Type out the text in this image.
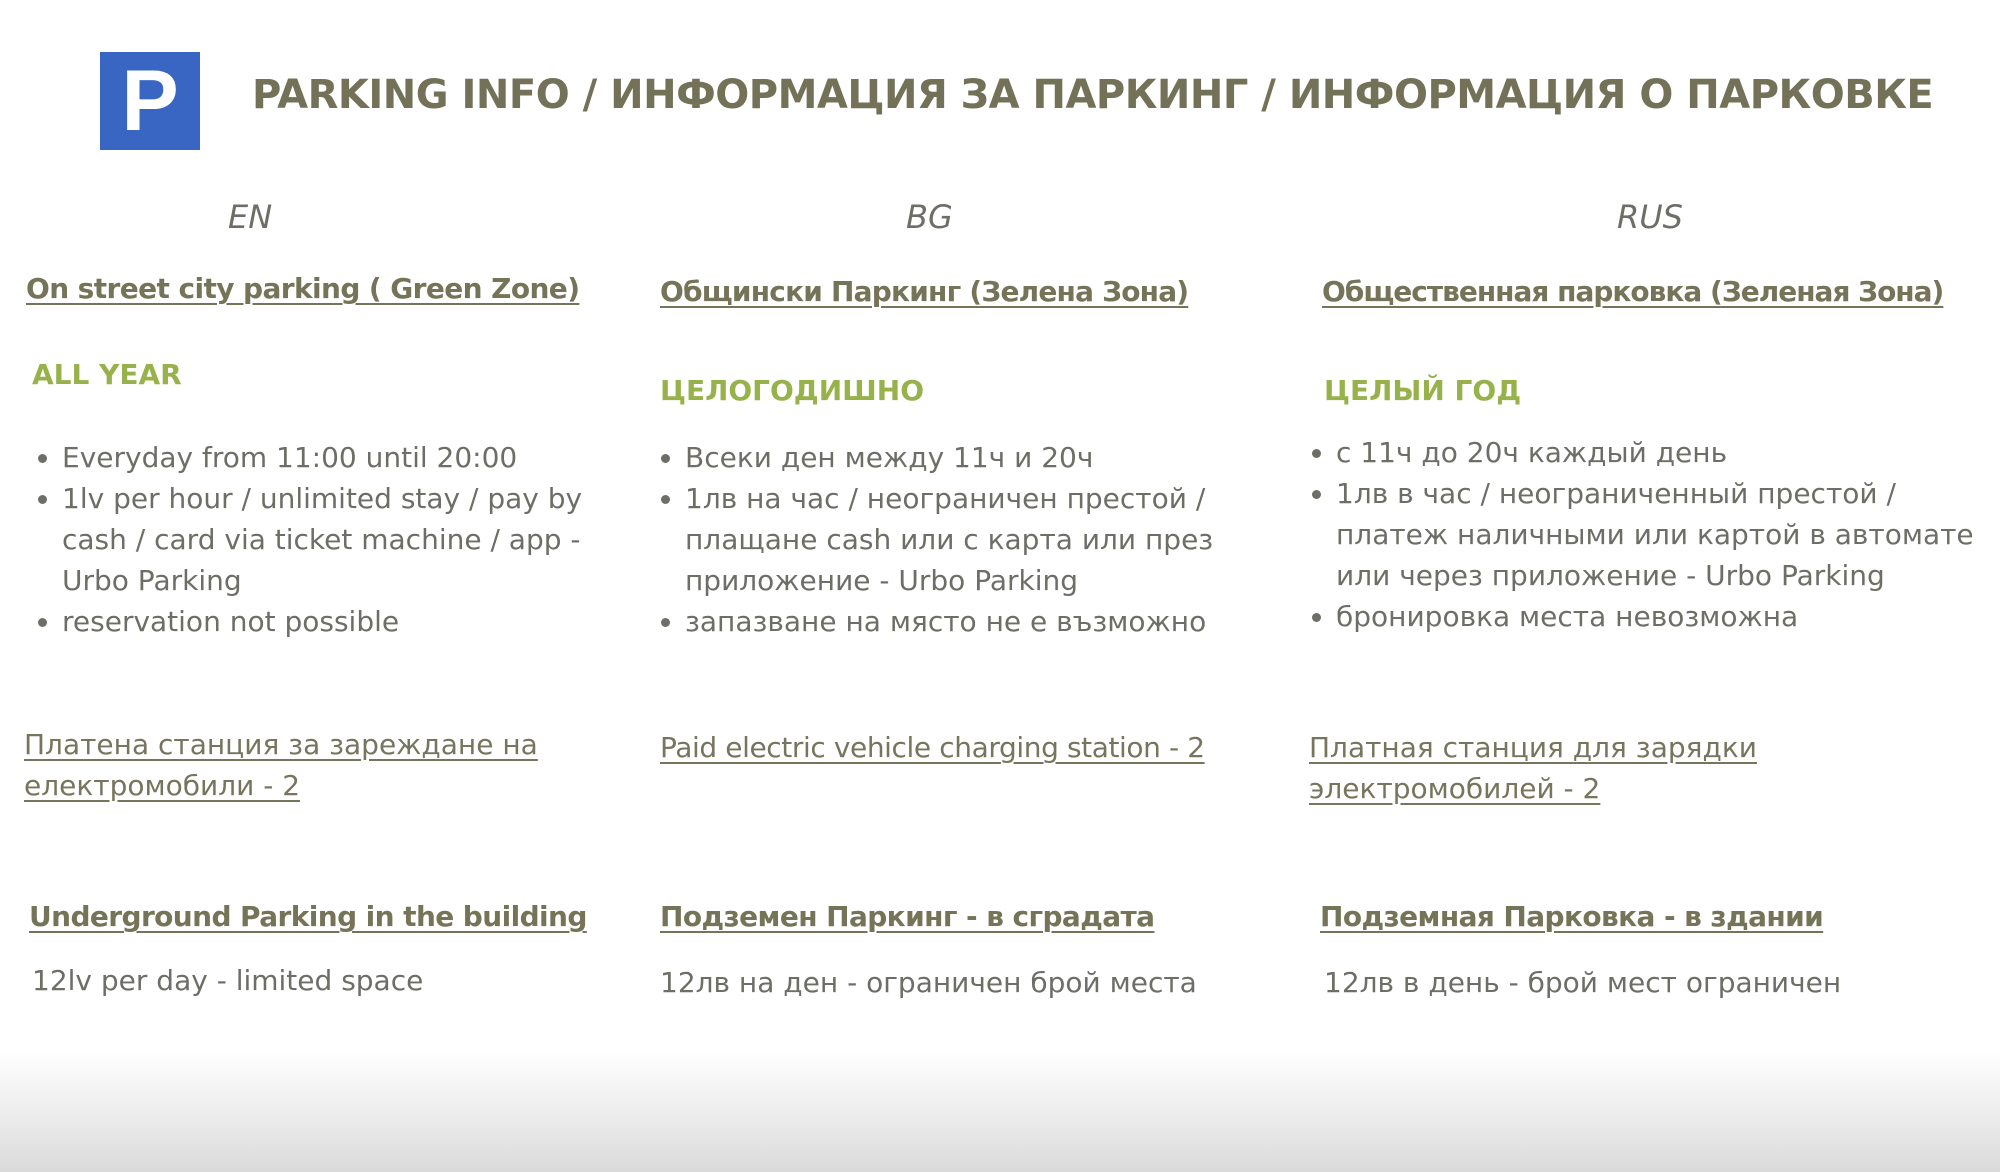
P	PARKING INFO / ИНФОРМАЦИЯ ЗА ПАРКИНГ / ИНФОРМАЦИЯ О ПАРКОВКЕ
EN
On street city parking ( Green Zone)
ALL YEAR
• Everyday from 11:00 until 20:00
• 1lv per hour / unlimited stay / pay by cash / card via ticket machine / app - Urbo Parking
• reservation not possible
Платена станция за зареждане на електромобили - 2
Underground Parking in the building
12lv per day - limited space
BG
Общински Паркинг (Зелена Зона)
ЦЕЛОГОДИШНО
• Всеки ден между 11ч и 20ч
• 1лв на час / неограничен престой / плащане cash или с карта или през приложение - Urbo Parking
• запазване на място не е възможно
Paid electric vehicle charging station - 2
Подземен Паркинг - в сградата
12лв на ден - ограничен брой места
RUS
Общественная парковка (Зеленая Зона)
ЦЕЛЫЙ ГОД
• с 11ч до 20ч каждый день
• 1лв в час / неограниченный престой / платеж наличными или картой в автомате или через приложение - Urbo Parking
• бронировка места невозможна
Платная станция для зарядки электромобилей - 2
Подземная Парковка - в здании
12лв в день - брой мест ограничен
